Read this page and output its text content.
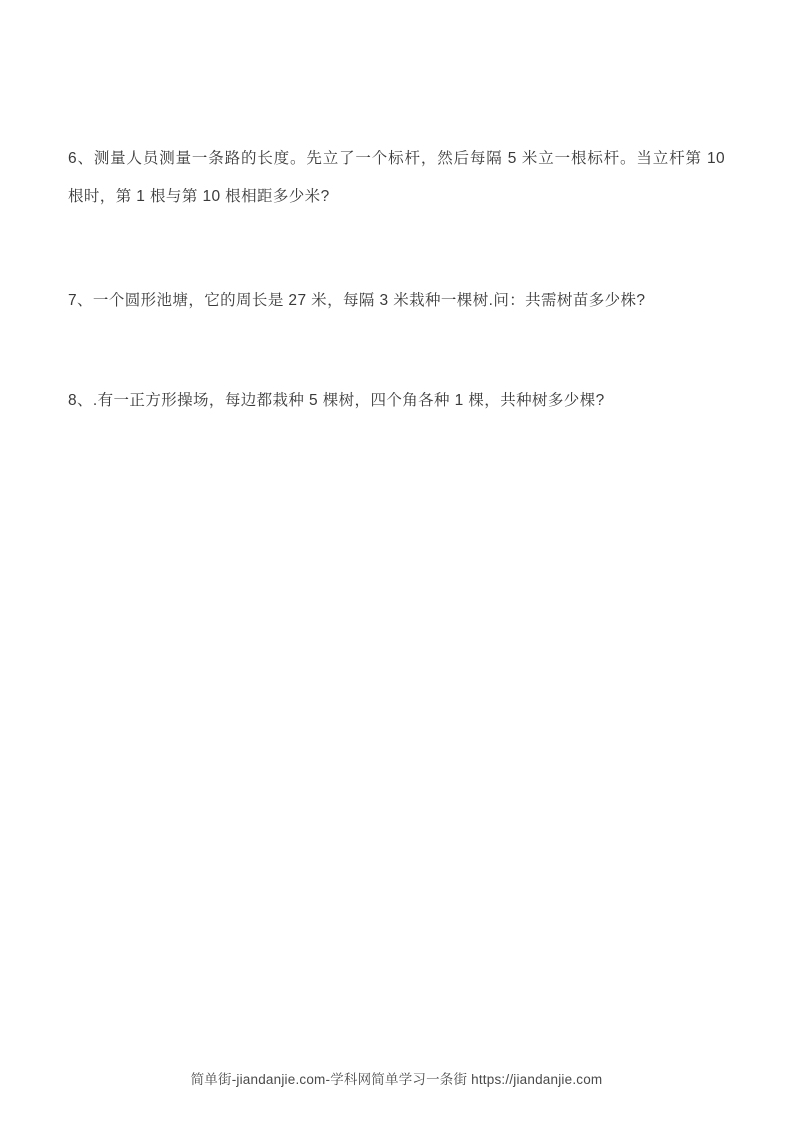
6、测量人员测量一条路的长度。先立了一个标杆，然后每隔 5 米立一根标杆。当立杆第 10 根时，第 1 根与第 10 根相距多少米?

7、一个圆形池塘，它的周长是 27 米，每隔 3 米栽种一棵树.问：共需树苗多少株?

8、.有一正方形操场，每边都栽种 5 棵树，四个角各种 1 棵，共种树多少棵?

简单街-jiandanjie.com-学科网简单学习一条街 https://jiandanjie.com
